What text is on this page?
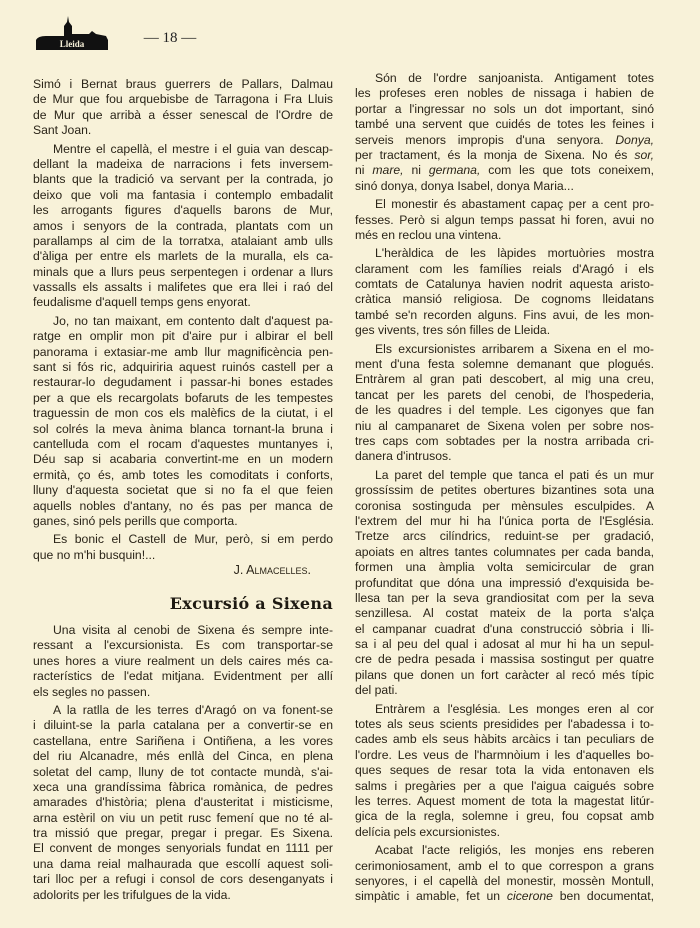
Lleida	— 18 —
Simó i Bernat braus guerrers de Pallars, Dalmau
de Mur que fou arquebisbe de Tarragona i Fra Lluis
de Mur que arribà a ésser senescal de l'Ordre de
Sant Joan.
Mentre el capellà, el mestre i el guia van descap-
dellant la madeixa de narracions i fets inversem-
blants que la tradició va servant per la contrada, jo
deixo que voli ma fantasia i contemplo embadalit
les arrogants figures d'aquells barons de Mur,
amos i senyors de la contrada, plantats com un
parallamps al cim de la torratxa, atalaiant amb ulls
d'àliga per entre els marlets de la muralla, els ca-
minals que a llurs peus serpentegen i ordenar a llurs
vassalls els assalts i malifetes que era llei i raó del
feudalisme d'aquell temps gens enyorat.
Jo, no tan maixant, em contento dalt d'aquest pa-
ratge en omplir mon pit d'aire pur i albirar el bell
panorama i extasiar-me amb llur magnificència pen-
sant si fós ric, adquiriria aquest ruinós castell per a
restaurar-lo degudament i passar-hi bones estades
per a que els recargolats bofaruts de les tempestes
traguessin de mon cos els malèfics de la ciutat, i el
sol colrés la meva ànima blanca tornant-la bruna i
cantelluda com el rocam d'aquestes muntanyes i,
Déu sap si acabaria convertint-me en un modern
ermità, ço és, amb totes les comoditats i conforts,
lluny d'aquesta societat que si no fa el que feien
aquells nobles d'antany, no és pas per manca de
ganes, sinó pels perills que comporta.
Es bonic el Castell de Mur, però, si em perdo
que no m'hi busquin!...
J. Almacelles.
Excursió a Sixena
Una visita al cenobi de Sixena és sempre inte-
ressant a l'excursionista. Es com transportar-se
unes hores a viure realment un dels caires més ca-
racterístics de l'edat mitjana. Evidentment per allí
els segles no passen.
A la ratlla de les terres d'Aragó on va fonent-se
i diluint-se la parla catalana per a convertir-se en
castellana, entre Sariñena i Ontiñena, a les vores
del riu Alcanadre, més enllà del Cinca, en plena
soletat del camp, lluny de tot contacte mundà, s'ai-
xeca una grandíssima fàbrica romànica, de pedres
amarades d'història; plena d'austeritat i misticisme,
arna estèril on viu un petit rusc femení que no té al-
tra missió que pregar, pregar i pregar. Es Sixena.
El convent de monges senyorials fundat en 1111 per
una dama reial malhaurada que escollí aquest soli-
tari lloc per a refugi i consol de cors desenganyats i
adolorits per les trifulgues de la vida.
Són de l'ordre sanjoanista. Antigament totes
les profeses eren nobles de nissaga i habien de
portar a l'ingressar no sols un dot important, sinó
també una servent que cuidés de totes les feines i
serveis menors impropis d'una senyora. Donya,
per tractament, és la monja de Sixena. No és sor,
ni mare, ni germana, com les que tots coneixem,
sinó donya, donya Isabel, donya Maria...
El monestir és abastament capaç per a cent pro-
fesses. Però si algun temps passat hi foren, avui no
més en reclou una vintena.
L'heràldica de les làpides mortuòries mostra
clarament com les famílies reials d'Aragó i els
comtats de Catalunya havien nodrit aquesta aristo-
cràtica mansió religiosa. De cognoms lleidatans
també se'n recorden alguns. Fins avui, de les mon-
ges vivents, tres són filles de Lleida.
Els excursionistes arribarem a Sixena en el mo-
ment d'una festa solemne demanant que plogués.
Entràrem al gran pati descobert, al mig una creu,
tancat per les parets del cenobi, de l'hospederia,
de les quadres i del temple. Les cigonyes que fan
niu al campanaret de Sixena volen per sobre nos-
tres caps com sobtades per la nostra arribada cri-
danera d'intrusos.
La paret del temple que tanca el pati és un mur
grossíssim de petites obertures bizantines sota una
coronisa sostinguda per mènsules esculpides. A
l'extrem del mur hi ha l'única porta de l'Església.
Tretze arcs cilíndrics, reduint-se per gradació,
apoiats en altres tantes columnates per cada banda,
formen una àmplia volta semicircular de gran
profunditat que dóna una impressió d'exquisida be-
llesa tan per la seva grandiositat com per la seva
senzillesa. Al costat mateix de la porta s'alça
el campanar cuadrat d'una construcció sòbria i lli-
sa i al peu del qual i adosat al mur hi ha un sepul-
cre de pedra pesada i massisa sostingut per quatre
pilans que donen un fort caràcter al recó més típic
del pati.
Entràrem a l'església. Les monges eren al cor
totes als seus scients presidides per l'abadessa i to-
cades amb els seus hàbits arcàics i tan peculiars de
l'ordre. Les veus de l'harmnòium i les d'aquelles bo-
ques seques de resar tota la vida entonaven els
salms i pregàries per a que l'aigua caigués sobre
les terres. Aquest moment de tota la magestat litúr-
gica de la regla, solemne i greu, fou copsat amb
delícia pels excursionistes.
Acabat l'acte religiós, les monjes ens reberen
cerimoniosament, amb el to que correspon a grans
senyores, i el capellà del monestir, mossèn Montull,
simpàtic i amable, fet un cicerone ben documentat,
